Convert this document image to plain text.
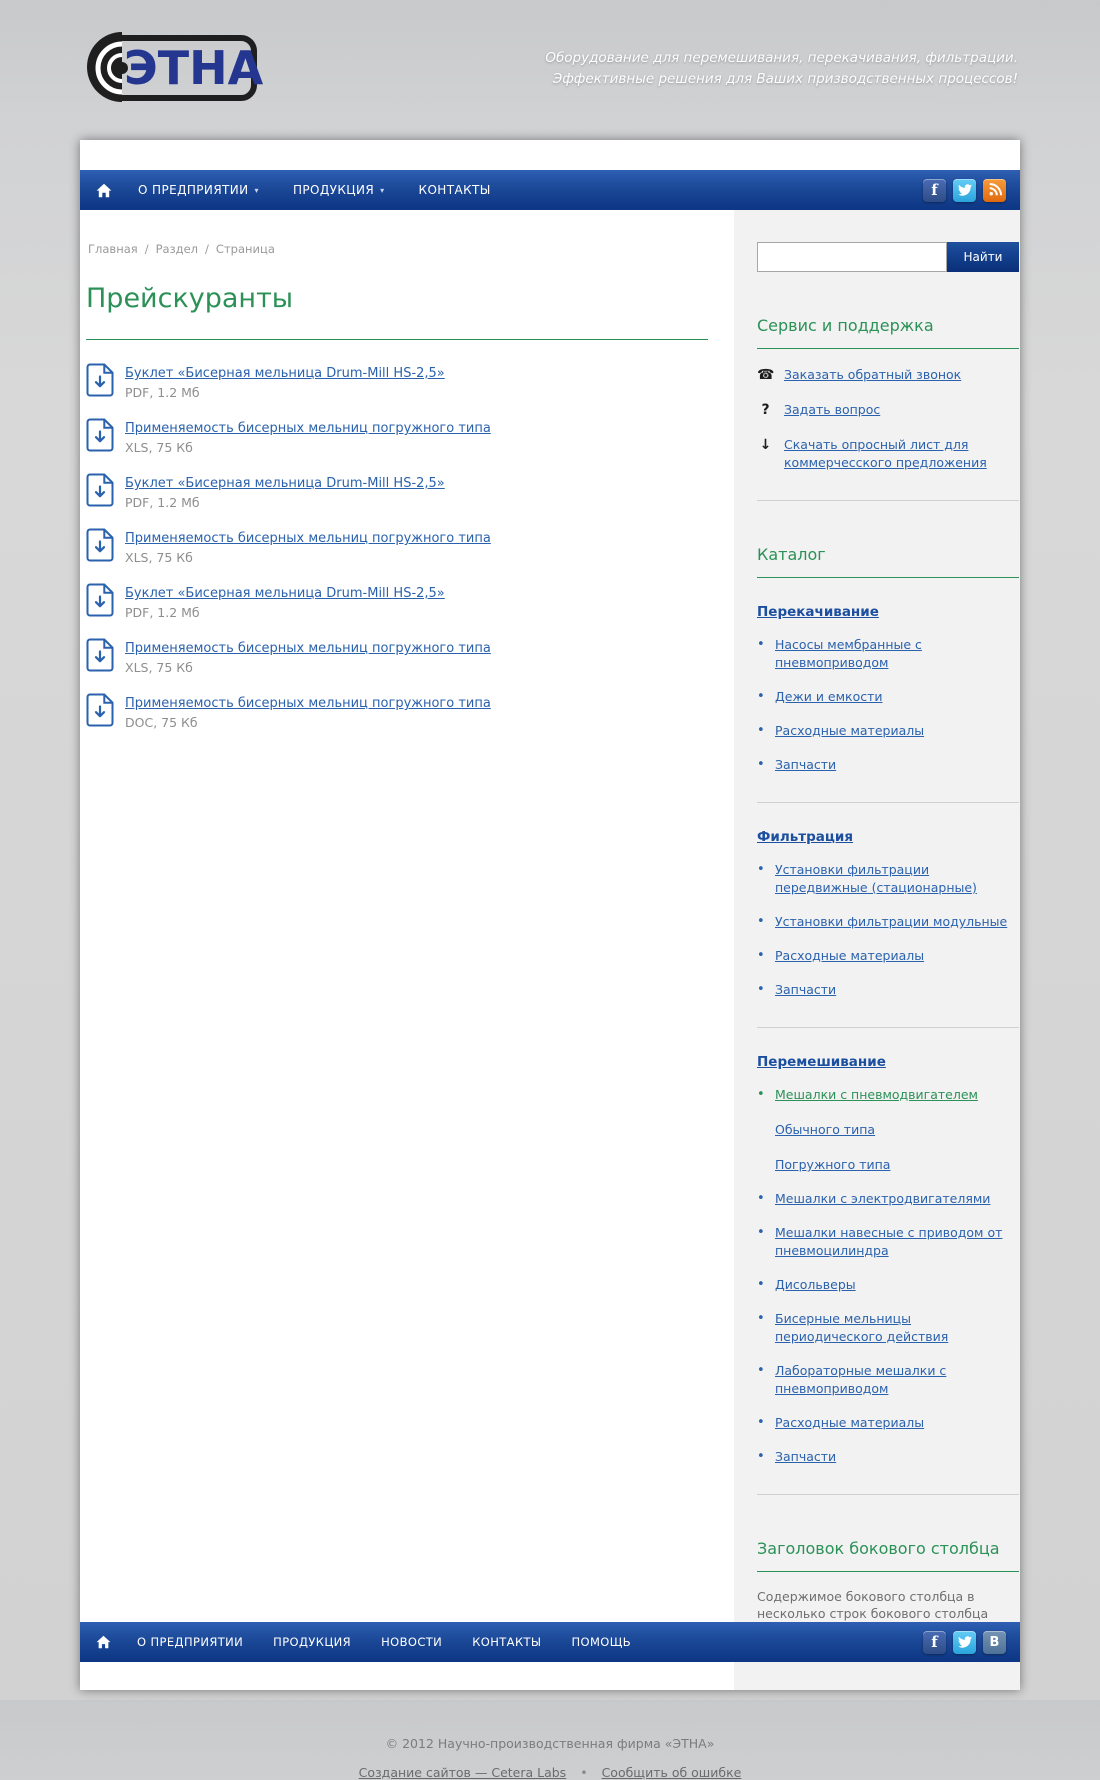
ЭТНА	Оборудование для перемешивания, перекачивания, фильтрации.
Эффективные решения для Ваших призводственных процессов!
О ПРЕДПРИЯТИИ ▾	ПРОДУКЦИЯ ▾	КОНТАКТЫ	f
Главная / Раздел / Страница
Прейскуранты
Буклет «Бисерная мельница Drum-Mill HS-2,5»
PDF, 1.2 Мб
Применяемость бисерных мельниц погружного типа
XLS, 75 Кб
Буклет «Бисерная мельница Drum-Mill HS-2,5»
PDF, 1.2 Мб
Применяемость бисерных мельниц погружного типа
XLS, 75 Кб
Буклет «Бисерная мельница Drum-Mill HS-2,5»
PDF, 1.2 Мб
Применяемость бисерных мельниц погружного типа
XLS, 75 Кб
Применяемость бисерных мельниц погружного типа
DOC, 75 Кб
Найти
Сервис и поддержка
☎ Заказать обратный звонок
?	Задать вопрос
↓ Скачать опросный лист для коммерчесского предложения
Каталог
Перекачивание
• Насосы мембранные с пневмоприводом
• Дежи и емкости
• Расходные материалы
• Запчасти
Фильтрация
• Установки фильтрации передвижные (стационарные)
• Установки фильтрации модульные
• Расходные материалы
• Запчасти
Перемешивание
• Мешалки с пневмодвигателем
Обычного типа
Погружного типа
• Мешалки с электродвигателями
• Мешалки навесные с приводом от пневмоцилиндра
• Дисольверы
• Бисерные мельницы периодического действия
• Лабораторные мешалки с пневмоприводом
• Расходные материалы
• Запчасти
Заголовок бокового столбца

Содержимое бокового столбца в несколько строк бокового столбца

О ПРЕДПРИЯТИИ	ПРОДУКЦИЯ	НОВОСТИ	КОНТАКТЫ	ПОМОЩЬ	f	B
© 2012 Научно-производственная фирма «ЭТНА»
Создание сайтов — Cetera Labs • Сообщить об ошибке
